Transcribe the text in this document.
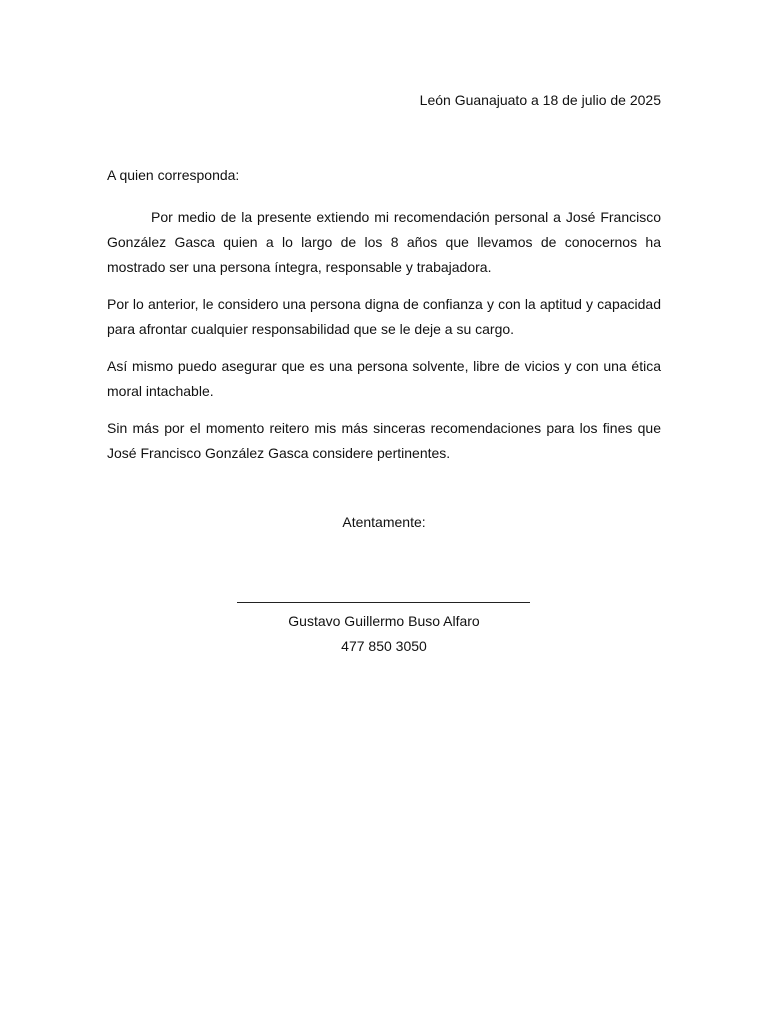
León Guanajuato a 18 de julio de 2025

A quien corresponda:

Por medio de la presente extiendo mi recomendación personal a José Francisco González Gasca quien a lo largo de los 8 años que llevamos de conocernos ha mostrado ser una persona íntegra, responsable y trabajadora.

Por lo anterior, le considero una persona digna de confianza y con la aptitud y capacidad para afrontar cualquier responsabilidad que se le deje a su cargo.

Así mismo puedo asegurar que es una persona solvente, libre de vicios y con una ética moral intachable.

Sin más por el momento reitero mis más sinceras recomendaciones para los fines que José Francisco González Gasca considere pertinentes.

Atentamente:
Gustavo Guillermo Buso Alfaro
477 850 3050
